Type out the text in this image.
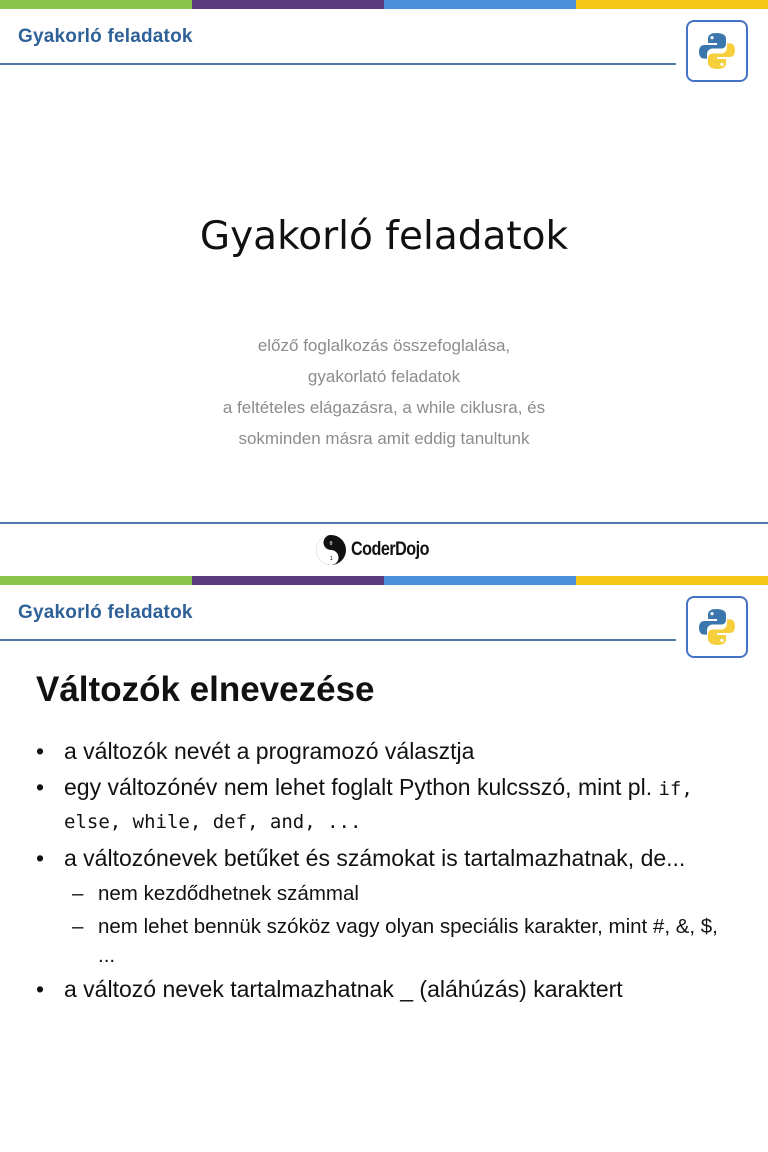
Gyakorló feladatok
Gyakorló feladatok
előző foglalkozás összefoglalása,
gyakorlató feladatok
a feltételes elágazásra, a while ciklusra, és
sokminden másra amit eddig tanultunk
0
1 CoderDojo
Gyakorló feladatok
Változók elnevezése
• a változók nevét a programozó választja
• egy változónév nem lehet foglalt Python kulcsszó, mint pl. if, else, while, def, and, ...
• a változónevek betűket és számokat is tartalmazhatnak, de...
– nem kezdődhetnek számmal
– nem lehet bennük szóköz vagy olyan speciális karakter, mint #, &, $, ...
• a változó nevek tartalmazhatnak _ (aláhúzás) karaktert
